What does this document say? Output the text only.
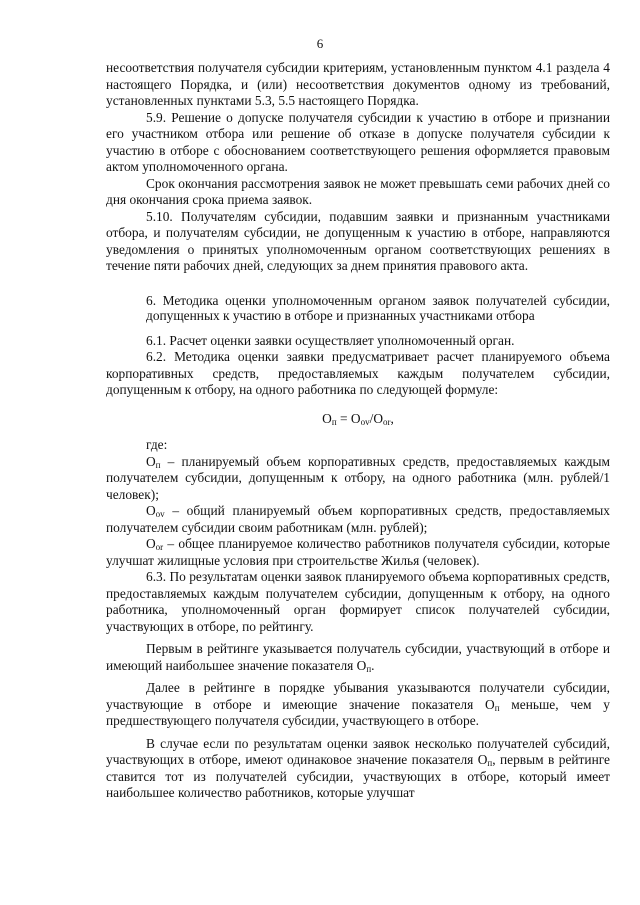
6

несоответствия получателя субсидии критериям, установленным пунктом 4.1 раздела 4 настоящего Порядка, и (или) несоответствия документов одному из требований, установленных пунктами 5.3, 5.5 настоящего Порядка.

5.9. Решение о допуске получателя субсидии к участию в отборе и признании его участником отбора или решение об отказе в допуске получателя субсидии к участию в отборе с обоснованием соответствующего решения оформляется правовым актом уполномоченного органа.

Срок окончания рассмотрения заявок не может превышать семи рабочих дней со дня окончания срока приема заявок.

5.10. Получателям субсидии, подавшим заявки и признанным участниками отбора, и получателям субсидии, не допущенным к участию в отборе, направляются уведомления о принятых уполномоченным органом соответствующих решениях в течение пяти рабочих дней, следующих за днем принятия правового акта.

6. Методика оценки уполномоченным органом заявок получателей субсидии, допущенных к участию в отборе и признанных участниками отбора

6.1. Расчет оценки заявки осуществляет уполномоченный орган.

6.2. Методика оценки заявки предусматривает расчет планируемого объема корпоративных средств, предоставляемых каждым получателем субсидии, допущенным к отбору, на одного работника по следующей формуле:

$О_п = О_{ov}/О_{or}$,

где:

$О_п$ – планируемый объем корпоративных средств, предоставляемых каждым получателем субсидии, допущенным к отбору, на одного работника (млн. рублей/1 человек);

$О_{ov}$ – общий планируемый объем корпоративных средств, предоставляемых получателем субсидии своим работникам (млн. рублей);

$О_{or}$ – общее планируемое количество работников получателя субсидии, которые улучшат жилищные условия при строительстве Жилья (человек).

6.3. По результатам оценки заявок планируемого объема корпоративных средств, предоставляемых каждым получателем субсидии, допущенным к отбору, на одного работника, уполномоченный орган формирует список получателей субсидии, участвующих в отборе, по рейтингу.

Первым в рейтинге указывается получатель субсидии, участвующий в отборе и имеющий наибольшее значение показателя $О_п$.

Далее в рейтинге в порядке убывания указываются получатели субсидии, участвующие в отборе и имеющие значение показателя $О_п$ меньше, чем у предшествующего получателя субсидии, участвующего в отборе.

В случае если по результатам оценки заявок несколько получателей субсидий, участвующих в отборе, имеют одинаковое значение показателя $О_п$, первым в рейтинге ставится тот из получателей субсидии, участвующих в отборе, который имеет наибольшее количество работников, которые улучшат
